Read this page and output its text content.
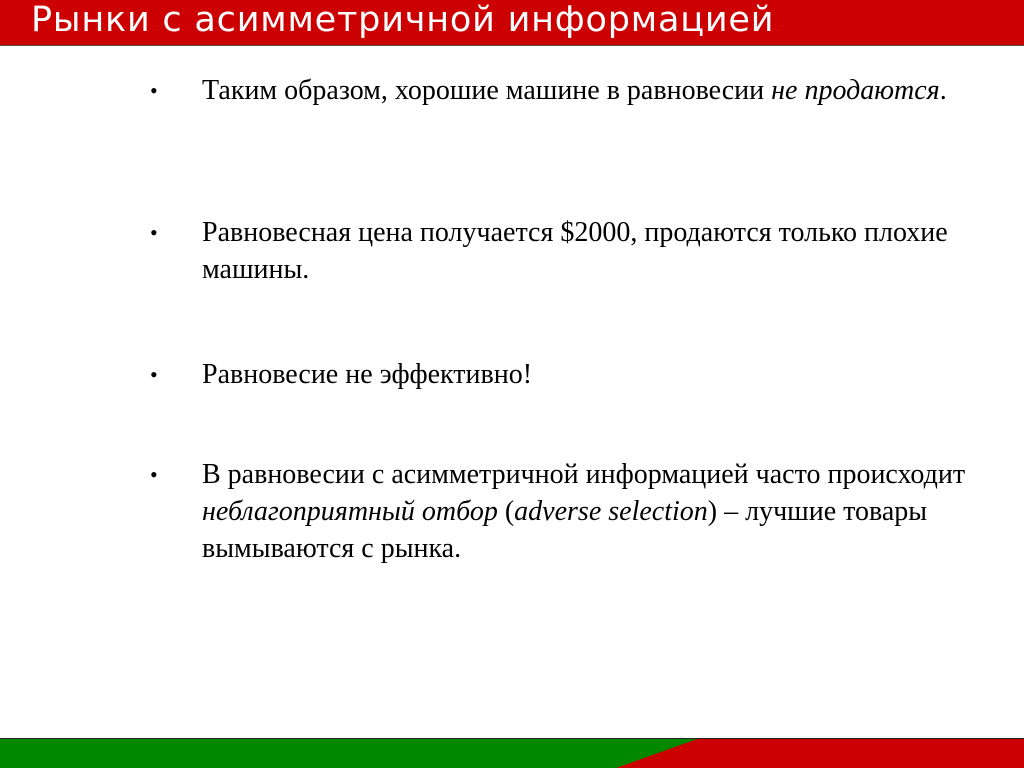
Рынки с асимметричной информацией
• Таким образом, хорошие машине в равновесии не продаются.
• Равновесная цена получается $2000, продаются только плохие машины.
• Равновесие не эффективно!
• В равновесии с асимметричной информацией часто происходит неблагоприятный отбор (adverse selection) – лучшие товары вымываются с рынка.
